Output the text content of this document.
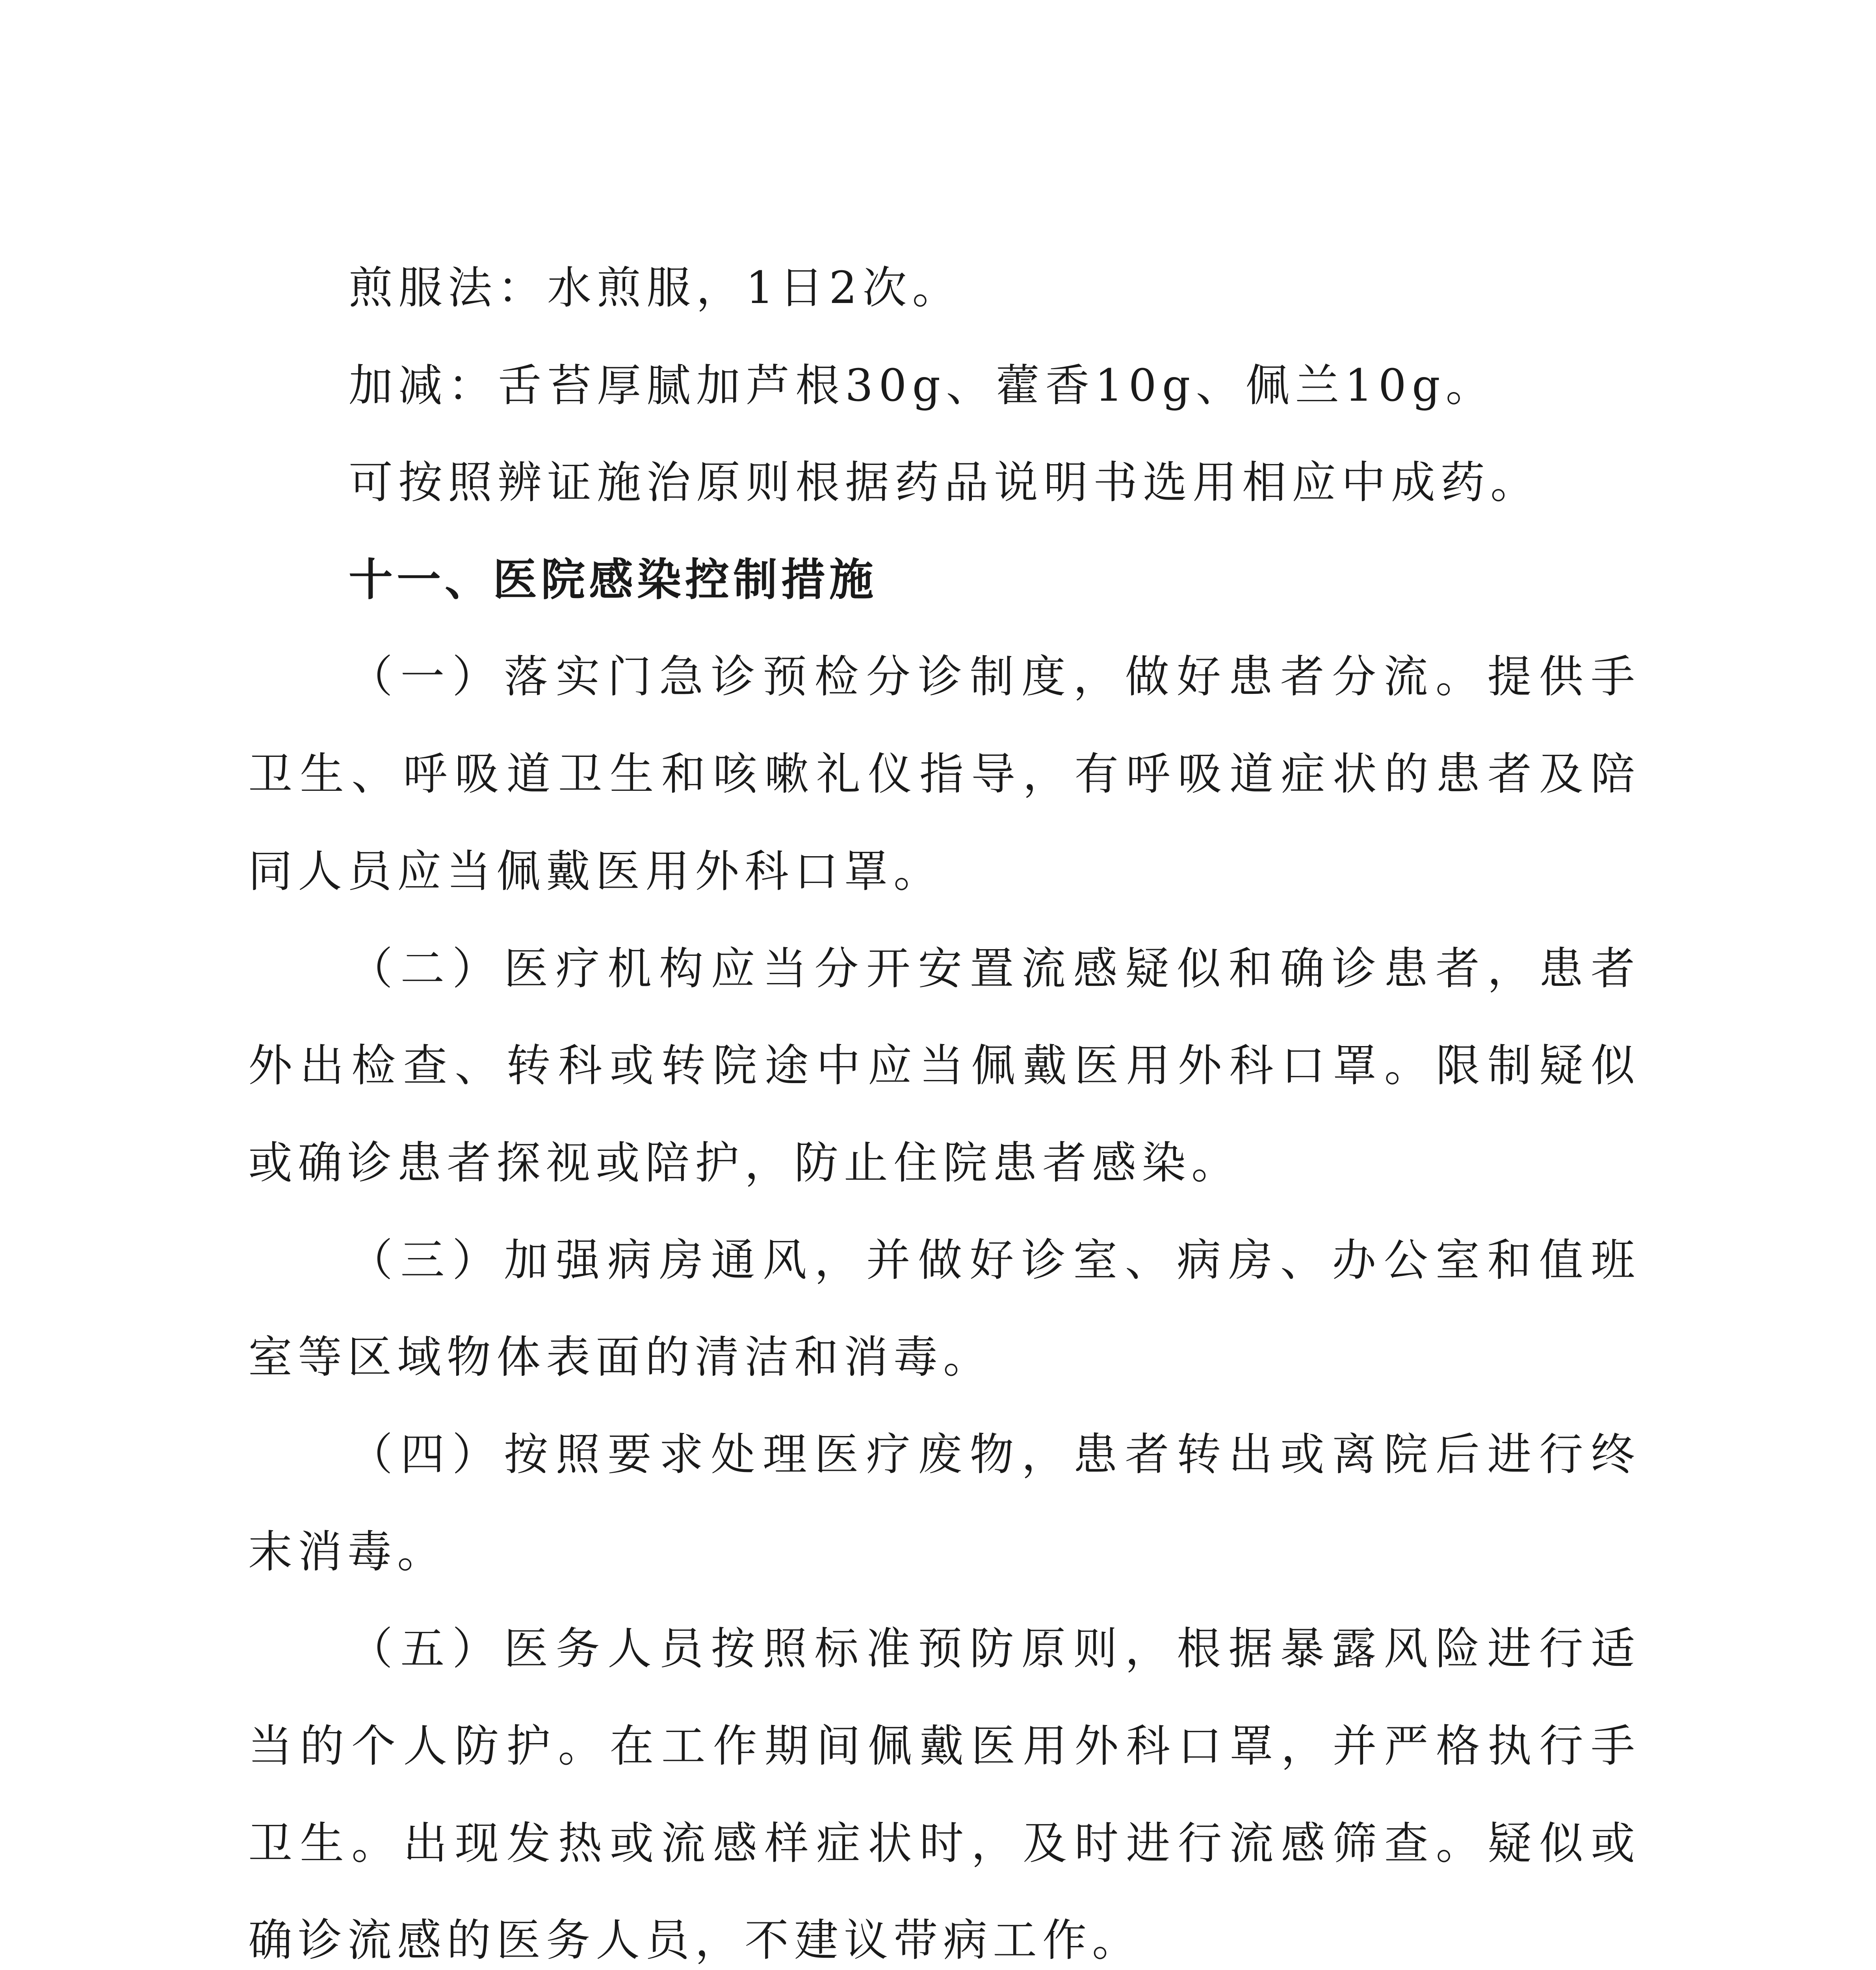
煎服法：水煎服，1日2次。
加减：舌苔厚腻加芦根30g、藿香10g、佩兰10g。
可按照辨证施治原则根据药品说明书选用相应中成药。
十一、医院感染控制措施
（一）落实门急诊预检分诊制度，做好患者分流。提供手
卫生、呼吸道卫生和咳嗽礼仪指导，有呼吸道症状的患者及陪
同人员应当佩戴医用外科口罩。
（二）医疗机构应当分开安置流感疑似和确诊患者，患者
外出检查、转科或转院途中应当佩戴医用外科口罩。限制疑似
或确诊患者探视或陪护，防止住院患者感染。
（三）加强病房通风，并做好诊室、病房、办公室和值班
室等区域物体表面的清洁和消毒。
（四）按照要求处理医疗废物，患者转出或离院后进行终
末消毒。
（五）医务人员按照标准预防原则，根据暴露风险进行适
当的个人防护。在工作期间佩戴医用外科口罩，并严格执行手
卫生。出现发热或流感样症状时，及时进行流感筛查。疑似或
确诊流感的医务人员，不建议带病工作。
